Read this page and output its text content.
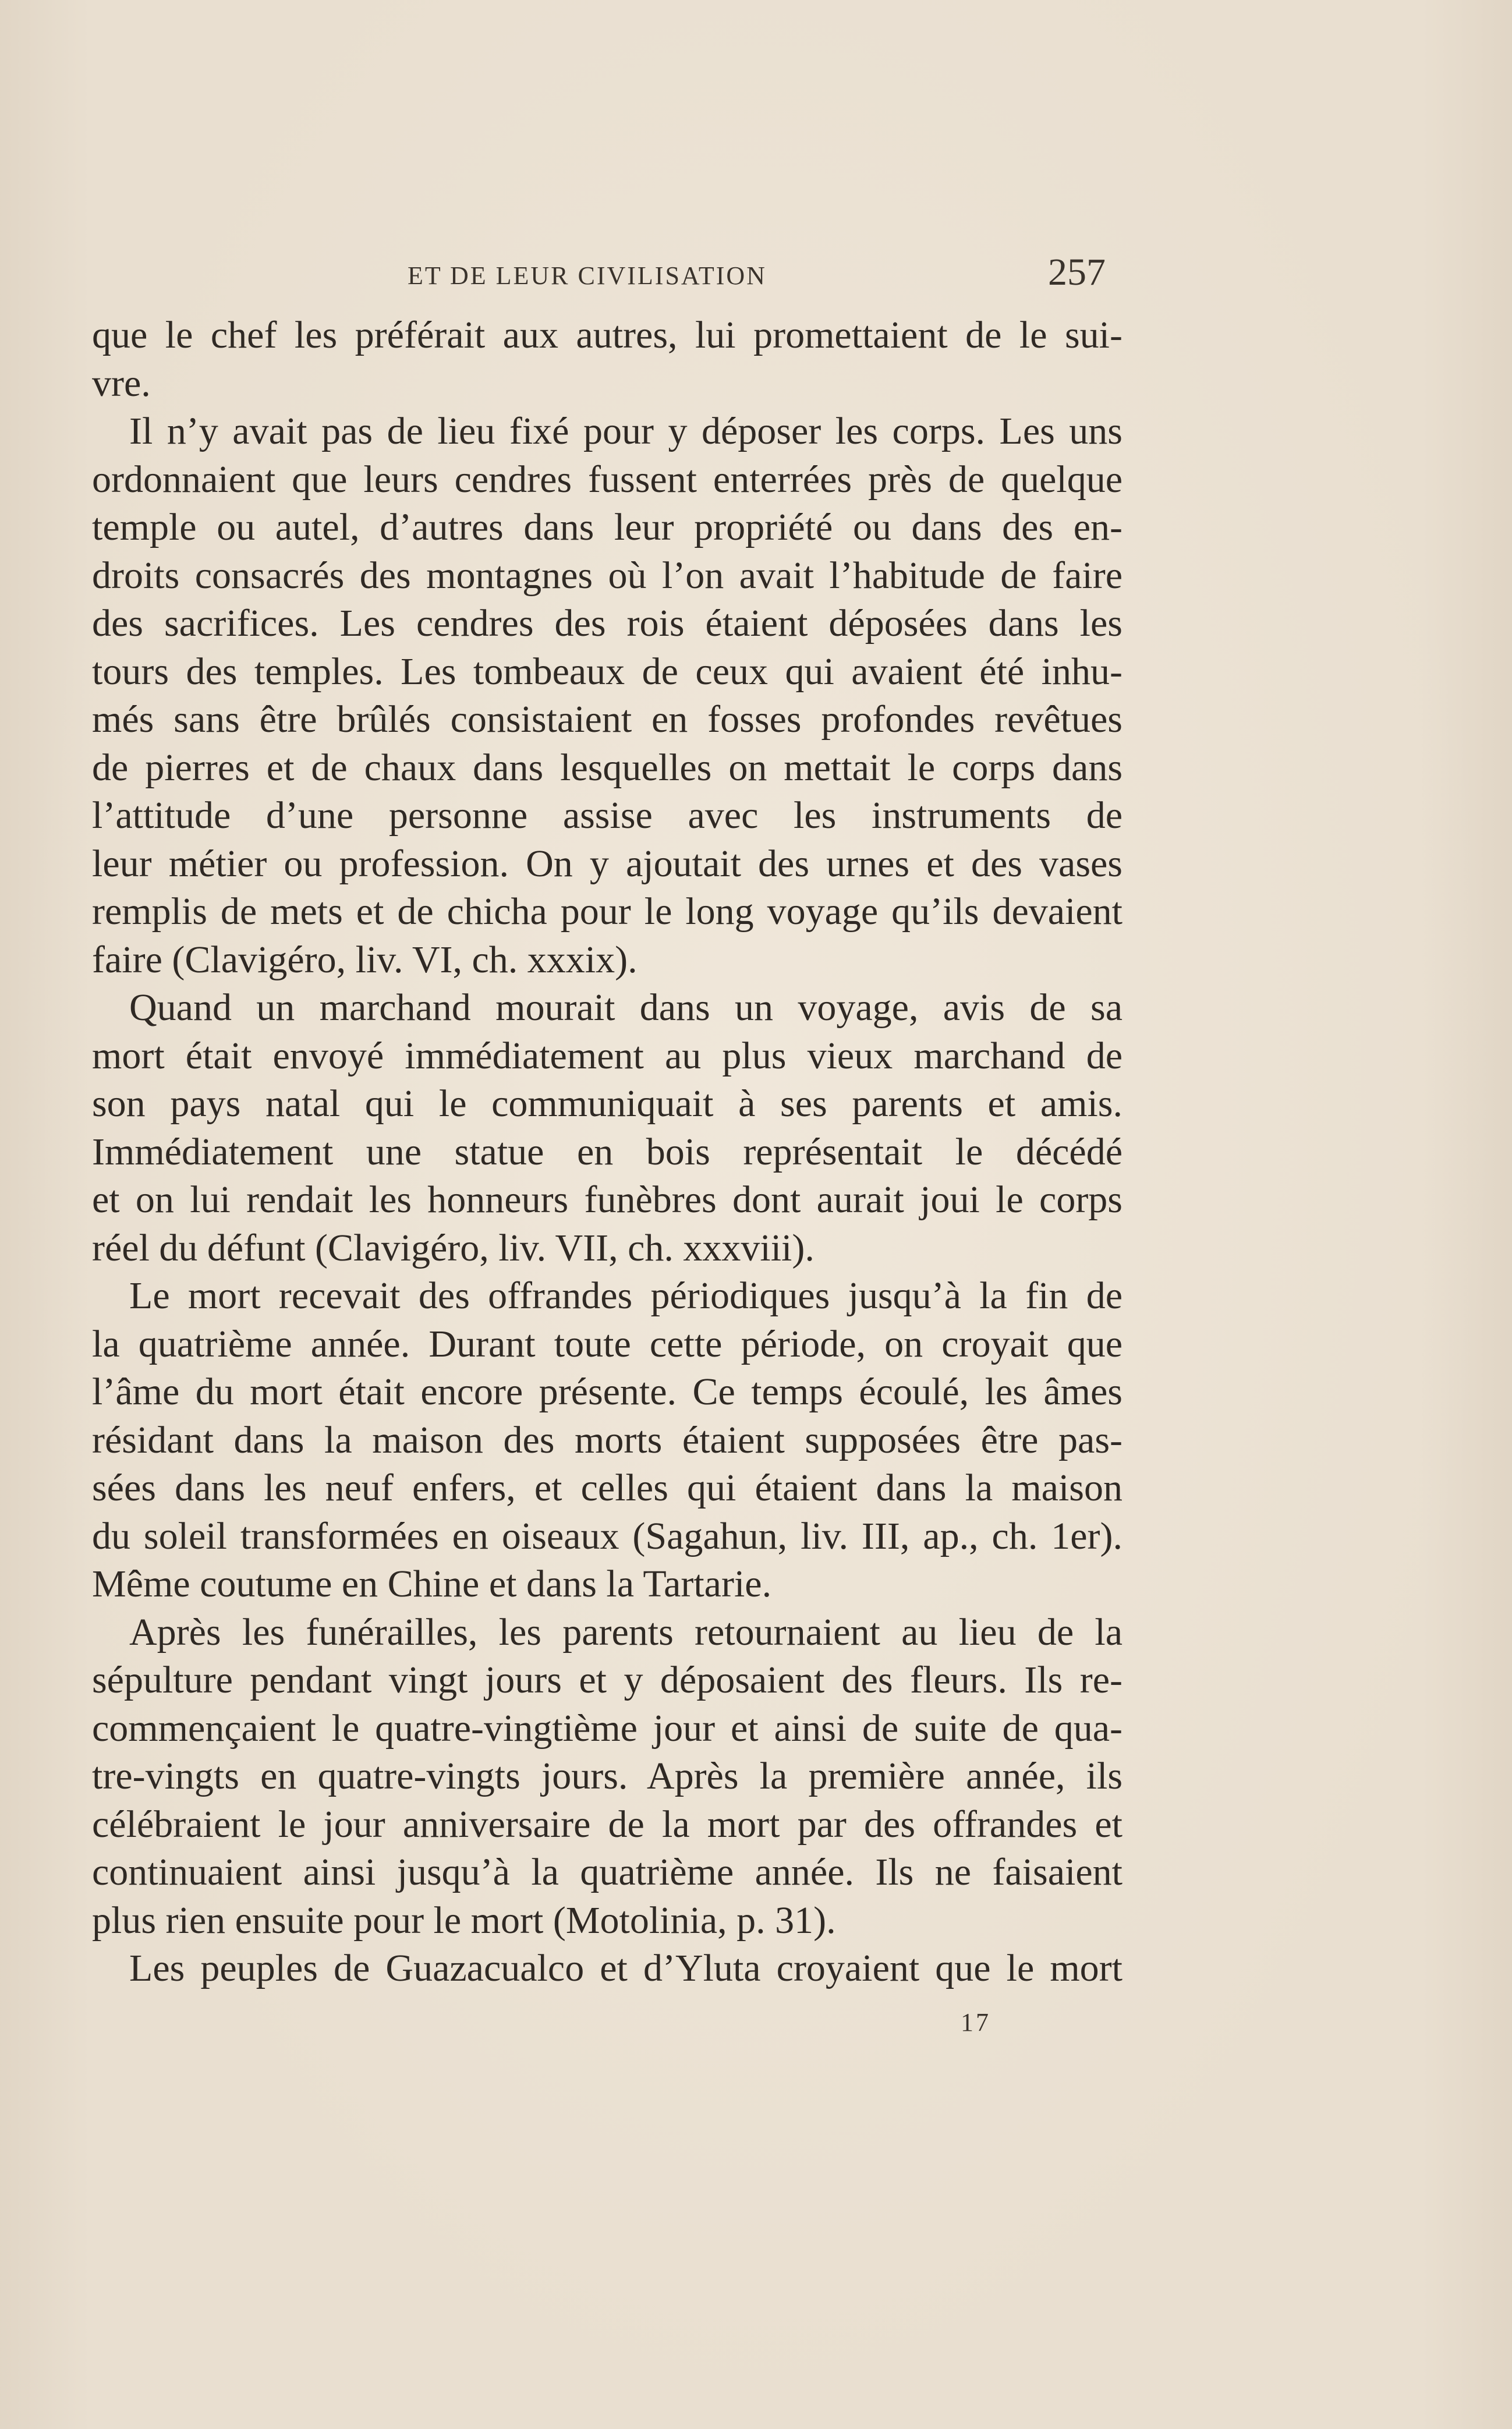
ET DE LEUR CIVILISATION	257
que le chef les préférait aux autres, lui promettaient de le sui-
vre.
Il n’y avait pas de lieu fixé pour y déposer les corps. Les uns
ordonnaient que leurs cendres fussent enterrées près de quelque
temple ou autel, d’autres dans leur propriété ou dans des en-
droits consacrés des montagnes où l’on avait l’habitude de faire
des sacrifices. Les cendres des rois étaient déposées dans les
tours des temples. Les tombeaux de ceux qui avaient été inhu-
més sans être brûlés consistaient en fosses profondes revêtues
de pierres et de chaux dans lesquelles on mettait le corps dans
l’attitude d’une personne assise avec les instruments de
leur métier ou profession. On y ajoutait des urnes et des vases
remplis de mets et de chicha pour le long voyage qu’ils devaient
faire (Clavigéro, liv. VI, ch. xxxix).
Quand un marchand mourait dans un voyage, avis de sa
mort était envoyé immédiatement au plus vieux marchand de
son pays natal qui le communiquait à ses parents et amis.
Immédiatement une statue en bois représentait le décédé
et on lui rendait les honneurs funèbres dont aurait joui le corps
réel du défunt (Clavigéro, liv. VII, ch. xxxviii).
Le mort recevait des offrandes périodiques jusqu’à la fin de
la quatrième année. Durant toute cette période, on croyait que
l’âme du mort était encore présente. Ce temps écoulé, les âmes
résidant dans la maison des morts étaient supposées être pas-
sées dans les neuf enfers, et celles qui étaient dans la maison
du soleil transformées en oiseaux (Sagahun, liv. III, ap., ch. 1er).
Même coutume en Chine et dans la Tartarie.
Après les funérailles, les parents retournaient au lieu de la
sépulture pendant vingt jours et y déposaient des fleurs. Ils re-
commençaient le quatre-vingtième jour et ainsi de suite de qua-
tre-vingts en quatre-vingts jours. Après la première année, ils
célébraient le jour anniversaire de la mort par des offrandes et
continuaient ainsi jusqu’à la quatrième année. Ils ne faisaient
plus rien ensuite pour le mort (Motolinia, p. 31).
Les peuples de Guazacualco et d’Yluta croyaient que le mort
17
